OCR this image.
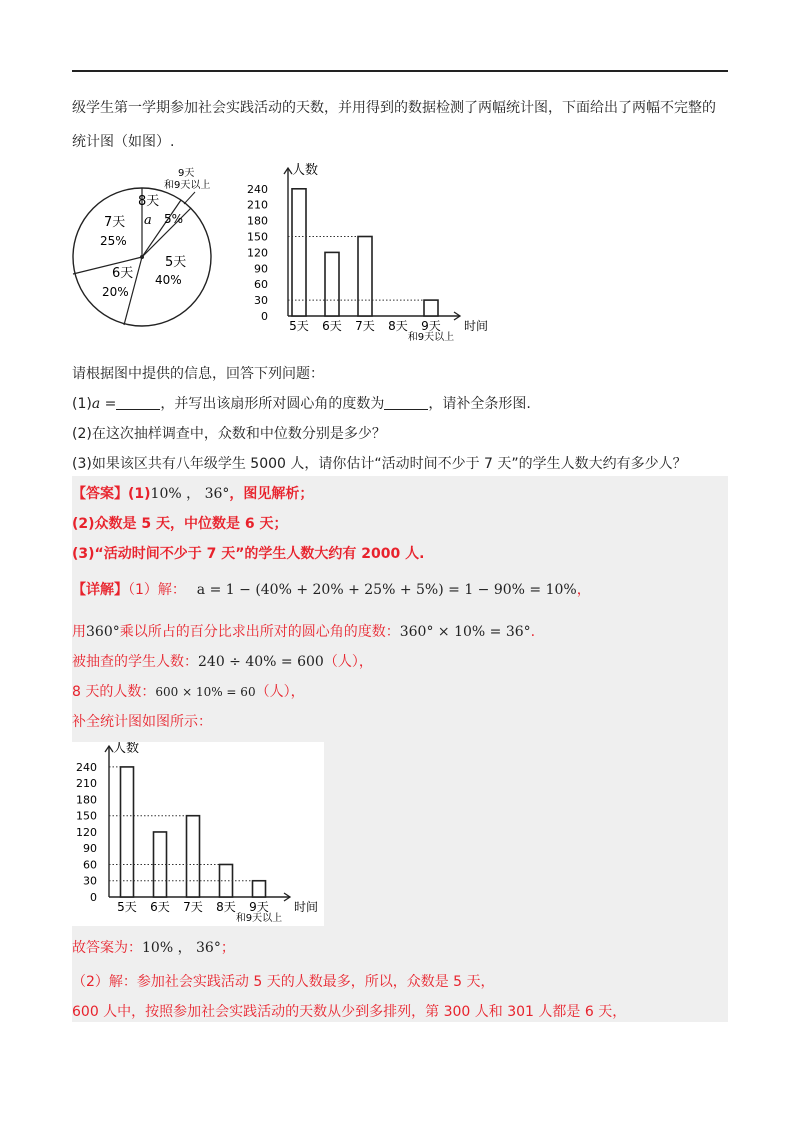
级学生第一学期参加社会实践活动的天数，并用得到的数据检测了两幅统计图，下面给出了两幅不完整的
统计图（如图）.
9天
和9天以上
5%
8天
a
7天
25%
6天
20%
5天
40%
0
30
60
90
120
150
180
210
240
人数
时间
5天 6天 7天 8天 9天
和9天以上
请根据图中提供的信息，回答下列问题：
(1)a =	，并写出该扇形所对圆心角的度数为	，请补全条形图.
(2)在这次抽样调查中，众数和中位数分别是多少？
(3)如果该区共有八年级学生 5000 人，请你估计“活动时间不少于 7 天”的学生人数大约有多少人？
【答案】(1)10% ， 36°，图见解析；
(2)众数是 5 天，中位数是 6 天；
(3)“活动时间不少于 7 天”的学生人数大约有 2000 人.
【详解】（1）解： a = 1 − (40% + 20% + 25% + 5%) = 1 − 90% = 10%，
用360°乘以所占的百分比求出所对的圆心角的度数：360° × 10% = 36°.
被抽查的学生人数：240 ÷ 40% = 600（人），
8 天的人数：600 × 10% = 60（人），
补全统计图如图所示：
0
30
60
90
120
150
180
210
240
人数
时间
5天 6天 7天 8天 9天
和9天以上
故答案为：10% ， 36°；
（2）解：参加社会实践活动 5 天的人数最多，所以，众数是 5 天，
600 人中，按照参加社会实践活动的天数从少到多排列，第 300 人和 301 人都是 6 天，
